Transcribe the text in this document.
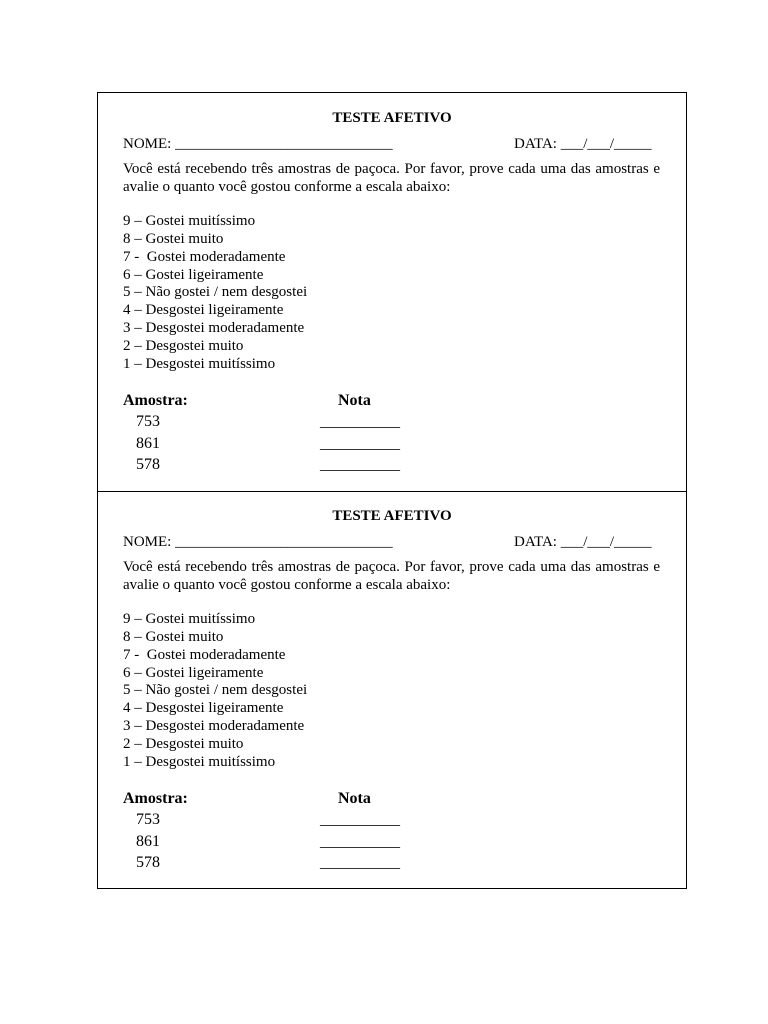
TESTE AFETIVO
NOME: _____________________________	DATA: ___/___/_____

Você está recebendo três amostras de paçoca. Por favor, prove cada uma das amostras e avalie o quanto você gostou conforme a escala abaixo:

9 – Gostei muitíssimo
8 – Gostei muito
7 -  Gostei moderadamente
6 – Gostei ligeiramente
5 – Não gostei / nem desgostei
4 – Desgostei ligeiramente
3 – Desgostei moderadamente
2 – Desgostei muito
1 – Desgostei muitíssimo
Amostra:	Nota
753	__________
861	__________
578	__________
TESTE AFETIVO
NOME: _____________________________	DATA: ___/___/_____

Você está recebendo três amostras de paçoca. Por favor, prove cada uma das amostras e avalie o quanto você gostou conforme a escala abaixo:

9 – Gostei muitíssimo
8 – Gostei muito
7 -  Gostei moderadamente
6 – Gostei ligeiramente
5 – Não gostei / nem desgostei
4 – Desgostei ligeiramente
3 – Desgostei moderadamente
2 – Desgostei muito
1 – Desgostei muitíssimo
Amostra:	Nota
753	__________
861	__________
578	__________
